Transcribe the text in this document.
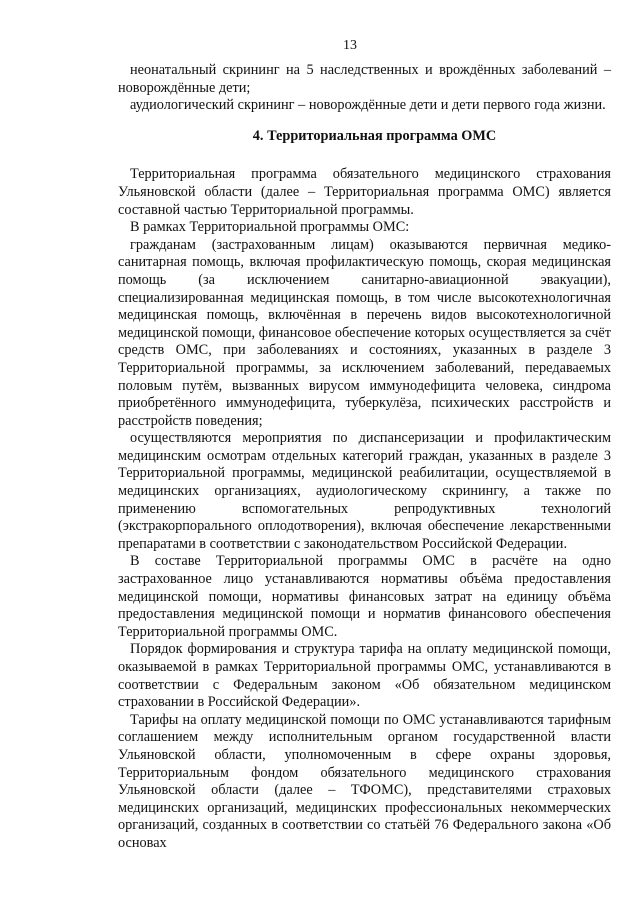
13

неонатальный скрининг на 5 наследственных и врождённых заболеваний – новорождённые дети;

аудиологический скрининг – новорождённые дети и дети первого года жизни.

4. Территориальная программа ОМС

Территориальная программа обязательного медицинского страхования Ульяновской области (далее – Территориальная программа ОМС) является составной частью Территориальной программы.

В рамках Территориальной программы ОМС:

гражданам (застрахованным лицам) оказываются первичная медико-санитарная помощь, включая профилактическую помощь, скорая медицинская помощь (за исключением санитарно-авиационной эвакуации), специализированная медицинская помощь, в том числе высокотехнологичная медицинская помощь, включённая в перечень видов высокотехнологичной медицинской помощи, финансовое обеспечение которых осуществляется за счёт средств ОМС, при заболеваниях и состояниях, указанных в разделе 3 Территориальной программы, за исключением заболеваний, передаваемых половым путём, вызванных вирусом иммунодефицита человека, синдрома приобретённого иммунодефицита, туберкулёза, психических расстройств и расстройств поведения;

осуществляются мероприятия по диспансеризации и профилактическим медицинским осмотрам отдельных категорий граждан, указанных в разделе 3 Территориальной программы, медицинской реабилитации, осуществляемой в медицинских организациях, аудиологическому скринингу, а также по применению вспомогательных репродуктивных технологий (экстракорпорального оплодотворения), включая обеспечение лекарственными препаратами в соответствии с законодательством Российской Федерации.

В составе Территориальной программы ОМС в расчёте на одно застрахованное лицо устанавливаются нормативы объёма предоставления медицинской помощи, нормативы финансовых затрат на единицу объёма предоставления медицинской помощи и норматив финансового обеспечения Территориальной программы ОМС.

Порядок формирования и структура тарифа на оплату медицинской помощи, оказываемой в рамках Территориальной программы ОМС, устанавливаются в соответствии с Федеральным законом «Об обязательном медицинском страховании в Российской Федерации».

Тарифы на оплату медицинской помощи по ОМС устанавливаются тарифным соглашением между исполнительным органом государственной власти Ульяновской области, уполномоченным в сфере охраны здоровья, Территориальным фондом обязательного медицинского страхования Ульяновской области (далее – ТФОМС), представителями страховых медицинских организаций, медицинских профессиональных некоммерческих организаций, созданных в соответствии со статьёй 76 Федерального закона «Об основах
